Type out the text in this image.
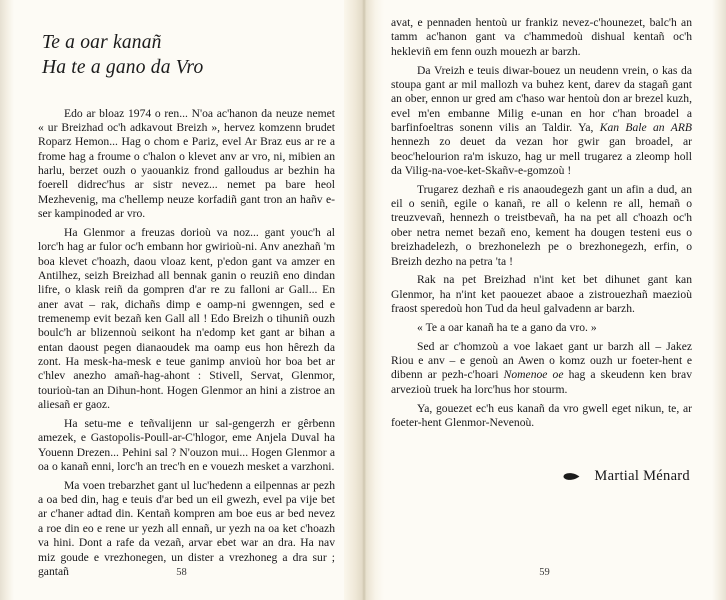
Te a oar kanañ
Ha te a gano da Vro

Edo ar bloaz 1974 o ren... N'oa ac'hanon da neuze nemet « ur Breizhad oc'h adkavout Breizh », hervez komzenn brudet Roparz Hemon... Hag o chom e Pariz, evel Ar Braz eus ar re a frome hag a froume o c'halon o klevet anv ar vro, ni, mibien an harlu, berzet ouzh o yaouankiz frond galloudus ar bezhin ha foerell didrec'hus ar sistr nevez... nemet pa bare heol Mezhevenig, ma c'hellemp neuze korfadiñ gant tron an hañv e-ser kampinoded ar vro.

Ha Glenmor a freuzas dorioù va noz... gant youc'h al lorc'h hag ar fulor oc'h embann hor gwirioù-ni. Anv anezhañ 'm boa klevet c'hoazh, daou vloaz kent, p'edon gant va amzer en Antilhez, seizh Breizhad all bennak ganin o reuziñ eno dindan lifre, o klask reiñ da gompren d'ar re zu falloni ar Gall... En aner avat – rak, dichañs dimp e oamp-ni gwenngen, sed e tremenemp evit bezañ ken Gall all ! Edo Breizh o tihuniñ ouzh boulc'h ar blizennoù seikont ha n'edomp ket gant ar bihan a entan daoust pegen dianaoudek ma oamp eus hon hêrezh da zont. Ha mesk-ha-mesk e teue ganimp anvioù hor boa bet ar c'hlev anezho amañ-hag-ahont : Stivell, Servat, Glenmor, tourioù-tan an Dihun-hont. Hogen Glenmor an hini a zistroe an aliesañ er gaoz.

Ha setu-me e teñvalijenn ur sal-gengerzh er gêrbenn amezek, e Gastopolis-Poull-ar-C'hlogor, eme Anjela Duval ha Youenn Drezen... Pehini sal ? N'ouzon mui... Hogen Glenmor a oa o kanañ enni, lorc'h an trec'h en e vouezh mesket a varzhoni.

Ma voen trebarzhet gant ul luc'hedenn a eilpennas ar pezh a oa bed din, hag e teuis d'ar bed un eil gwezh, evel pa vije bet ar c'haner adtad din. Kentañ kompren am boe eus ar bed nevez a roe din eo e rene ur yezh all ennañ, ur yezh na oa ket c'hoazh va hini. Dont a rafe da vezañ, arvar ebet war an dra. Ha nav miz goude e vrezhonegen, un dister a vrezhoneg a dra sur ; gantañ	58

avat, e pennaden hentoù ur frankiz nevez-c'hounezet, balc'h an tamm ac'hanon gant va c'hammedoù dishual kentañ oc'h hekleviñ em fenn ouzh mouezh ar barzh.

Da Vreizh e teuis diwar-bouez un neudenn vrein, o kas da stoupa gant ar mil mallozh va buhez kent, darev da stagañ gant an ober, ennon ur gred am c'haso war hentoù don ar brezel kuzh, evel m'en embanne Milig e-unan en hor c'han broadel a barfinfoeltras sonenn vilis an Taldir. Ya, Kan Bale an ARB hennezh zo deuet da vezan hor gwir gan broadel, ar beoc'helourion ra'm iskuzo, hag ur mell trugarez a zleomp holl da Vilig-na-voe-ket-Skañv-e-gomzoù !

Trugarez dezhañ e ris anaoudegezh gant un afin a dud, an eil o seniñ, egile o kanañ, re all o kelenn re all, hemañ o treuzvevañ, hennezh o treistbevañ, ha na pet all c'hoazh oc'h ober netra nemet bezañ eno, kement ha dougen testeni eus o breizhadelezh, o brezhonelezh pe o brezhonegezh, erfin, o Breizh dezho na petra 'ta !

Rak na pet Breizhad n'int ket bet dihunet gant kan Glenmor, ha n'int ket paouezet abaoe a zistrouezhañ maezioù fraost speredoù hon Tud da heul galvadenn ar barzh.

« Te a oar kanañ ha te a gano da vro. »

Sed ar c'homzoù a voe lakaet gant ur barzh all – Jakez Riou e anv – e genoù an Awen o komz ouzh ur foeter-hent e dibenn ar pezh-c'hoari Nomenoe oe hag a skeudenn ken brav arvezioù truek ha lorc'hus hor stourm.

Ya, gouezet ec'h eus kanañ da vro gwell eget nikun, te, ar foeter-hent Glenmor-Nevenoù.

Martial Ménard
59
